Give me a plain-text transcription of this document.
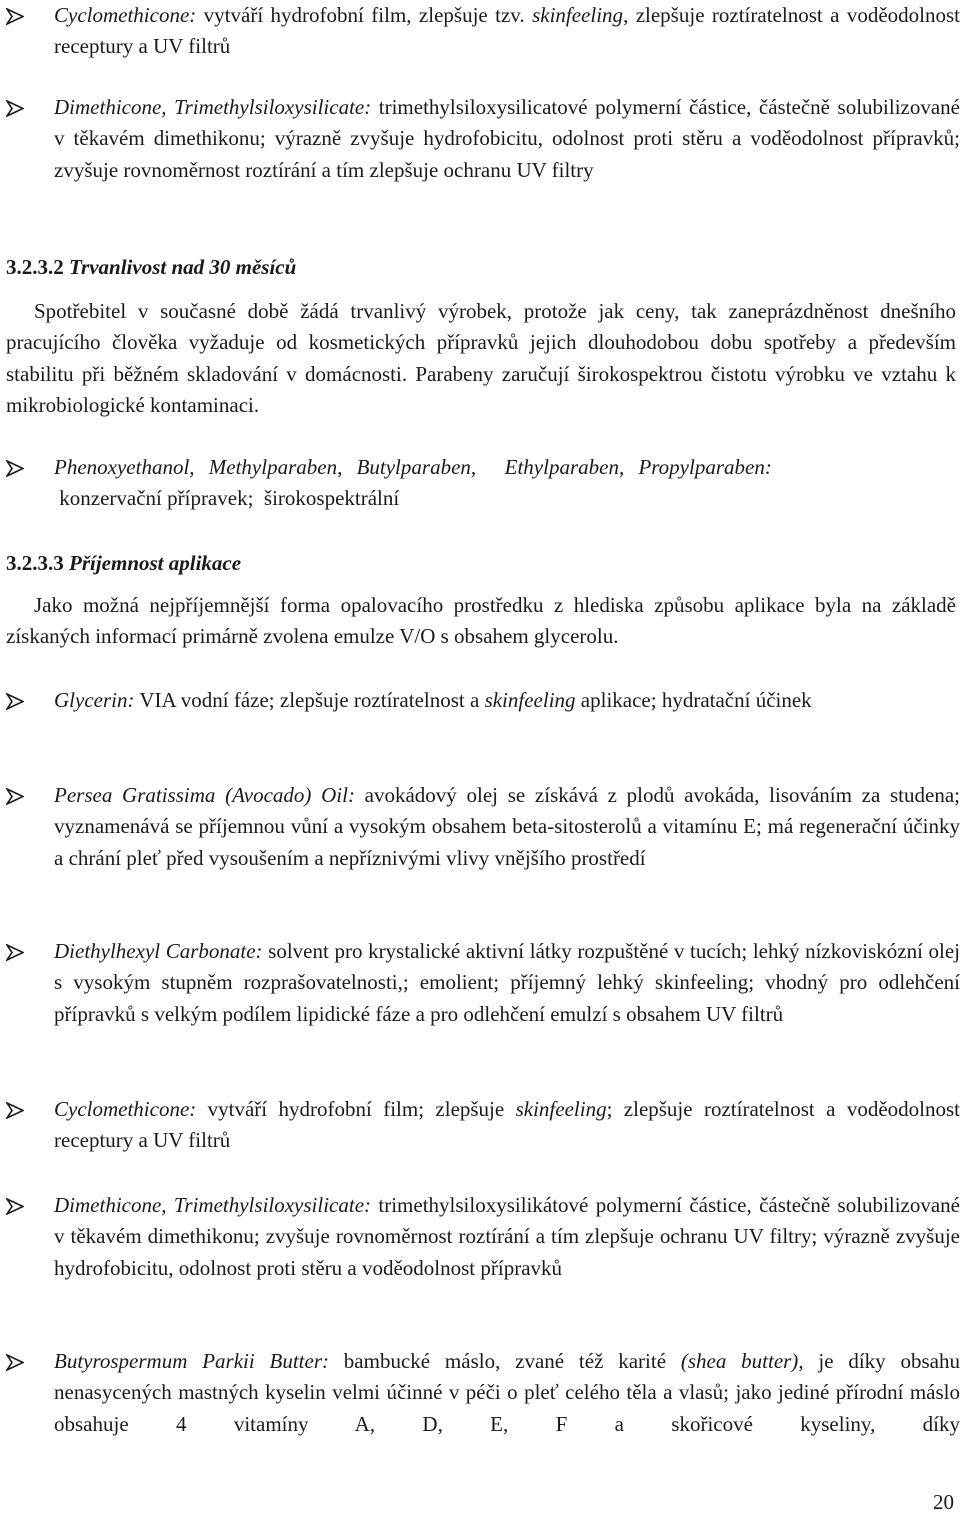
Cyclomethicone: vytváří hydrofobní film, zlepšuje tzv. skinfeeling, zlepšuje roztíratelnost a voděodolnost receptury a UV filtrů
Dimethicone, Trimethylsiloxysilicate: trimethylsiloxysilicatové polymerní částice, částečně solubilizované v těkavém dimethikonu; výrazně zvyšuje hydrofobicitu, odolnost proti stěru a voděodolnost přípravků; zvyšuje rovnoměrnost roztírání a tím zlepšuje ochranu UV filtry
3.2.3.2 Trvanlivost nad 30 měsíců
Spotřebitel v současné době žádá trvanlivý výrobek, protože jak ceny, tak zaneprázdněnost dnešního pracujícího člověka vyžaduje od kosmetických přípravků jejich dlouhodobou dobu spotřeby a především stabilitu při běžném skladování v domácnosti. Parabeny zaručují širokospektrou čistotu výrobku ve vztahu k mikrobiologické kontaminaci.
Phenoxyethanol, Methylparaben, Butylparaben,  Ethylparaben, Propylparaben:
konzervační přípravek;  širokospektrální
3.2.3.3 Příjemnost aplikace
Jako možná nejpříjemnější forma opalovacího prostředku z hlediska způsobu aplikace byla na základě získaných informací primárně zvolena emulze V/O s obsahem glycerolu.
Glycerin: VIA vodní fáze; zlepšuje roztíratelnost a skinfeeling aplikace; hydratační účinek
Persea Gratissima (Avocado) Oil: avokádový olej se získává z plodů avokáda, lisováním za studena; vyznamenává se příjemnou vůní a vysokým obsahem beta-sitosterolů a vitamínu E; má regenerační účinky a chrání pleť před vysoušením a nepříznivými vlivy vnějšího prostředí
Diethylhexyl Carbonate: solvent pro krystalické aktivní látky rozpuštěné v tucích; lehký nízkoviskózní olej s vysokým stupněm rozprašovatelnosti,; emolient; příjemný lehký skinfeeling; vhodný pro odlehčení přípravků s velkým podílem lipidické fáze a pro odlehčení emulzí s obsahem UV filtrů
Cyclomethicone: vytváří hydrofobní film; zlepšuje skinfeeling; zlepšuje roztíratelnost a voděodolnost receptury a UV filtrů
Dimethicone, Trimethylsiloxysilicate: trimethylsiloxysilikátové polymerní částice, částečně solubilizované v těkavém dimethikonu; zvyšuje rovnoměrnost roztírání a tím zlepšuje ochranu UV filtry; výrazně zvyšuje hydrofobicitu, odolnost proti stěru a voděodolnost přípravků
Butyrospermum Parkii Butter: bambucké máslo, zvané též karité (shea butter), je díky obsahu nenasycených mastných kyselin velmi účinné v péči o pleť celého těla a vlasů; jako jediné přírodní máslo obsahuje 4 vitamíny A, D, E, F a skořicové kyseliny, díky
20
